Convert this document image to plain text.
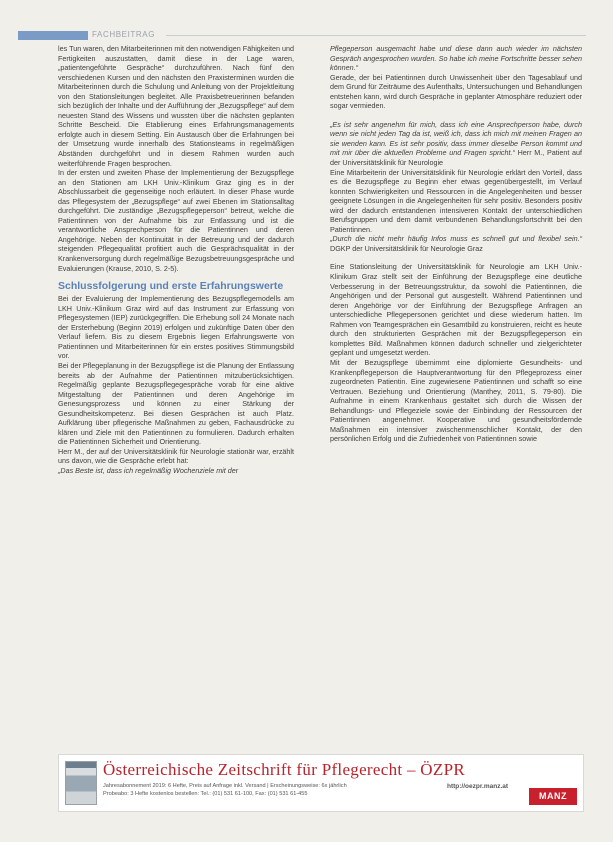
FACHBEITRAG

les Tun waren, den Mitarbeiterinnen mit den notwendigen Fähigkeiten und Fertigkeiten auszustatten, damit diese in der Lage waren, „patientengeführte Gespräche“ durchzuführen. Nach fünf den verschiedenen Kursen und den nächsten den Praxisterminen wurden die Mitarbeiterinnen durch die Schulung und Anleitung von der Projektleitung von den Stationsleitungen begleitet. Alle Praxisbetreuerinnen befanden sich bezüglich der Inhalte und der Aufführung der „Bezugspflege“ auf dem neuesten Stand des Wissens und wussten über die nächsten geplanten Schritte Bescheid. Die Etablierung eines Erfahrungsmanagements erfolgte auch in diesem Setting. Ein Austausch über die Erfahrungen bei der Umsetzung wurde innerhalb des Stationsteams in regelmäßigen Abständen durchgeführt und in diesem Rahmen wurden auch weiterführende Fragen besprochen.

In der ersten und zweiten Phase der Implementierung der Bezugspflege an den Stationen am LKH Univ.-Klinikum Graz ging es in der Abschlussarbeit die gegenseitige noch erläutert. In dieser Phase wurde das Pflegesystem der „Bezugspflege“ auf zwei Ebenen im Stationsalltag durchgeführt. Die zuständige „Bezugspflegeperson“ betreut, welche die Patientinnen von der Aufnahme bis zur Entlassung und ist die verantwortliche Ansprechperson für die Patientinnen und deren Angehörige. Neben der Kontinuität in der Betreuung und der dadurch steigenden Pflegequalität profitiert auch die Gesprächsqualität in der Krankenversorgung durch regelmäßige Bezugsbetreuungsgespräche und Evaluierungen (Krause, 2010, S. 2-5).

Schlussfolgerung und erste Erfahrungswerte

Bei der Evaluierung der Implementierung des Bezugspflegemodells am LKH Univ.-Klinikum Graz wird auf das Instrument zur Erfassung von Pflegesystemen (IEP) zurückgegriffen. Die Erhebung soll 24 Monate nach der Ersterhebung (Beginn 2019) erfolgen und zukünftige Daten über den Verlauf liefern. Bis zu diesem Ergebnis liegen Erfahrungswerte von Patientinnen und Mitarbeiterinnen für ein erstes positives Stimmungsbild vor.

Bei der Pflegeplanung in der Bezugspflege ist die Planung der Entlassung bereits ab der Aufnahme der Patientinnen mitzuberücksichtigen. Regelmäßig geplante Bezugspflegegespräche vorab für eine aktive Mitgestaltung der Patientinnen und deren Angehörige im Genesungsprozess und können zu einer Stärkung der Gesundheitskompetenz. Bei diesen Gesprächen ist auch Platz. Aufklärung über pflegerische Maßnahmen zu geben, Fachausdrücke zu klären und Ziele mit den Patientinnen zu formulieren. Dadurch erhalten die Patientinnen Sicherheit und Orientierung.

Herr M., der auf der Universitätsklinik für Neurologie stationär war, erzählt uns davon, wie die Gespräche erlebt hat:

„Das Beste ist, dass ich regelmäßig Wochenziele mit der

Pflegeperson ausgemacht habe und diese dann auch wieder im nächsten Gespräch angesprochen wurden. So habe ich meine Fortschritte besser sehen können.“

Gerade, der bei Patientinnen durch Unwissenheit über den Tagesablauf und dem Grund für Zeiträume des Aufenthalts, Untersuchungen und Behandlungen entstehen kann, wird durch Gespräche in geplanter Atmosphäre reduziert oder sogar vermieden.

„Es ist sehr angenehm für mich, dass ich eine Ansprechperson habe, durch wenn sie nicht jeden Tag da ist, weiß ich, dass ich mich mit meinen Fragen an sie wenden kann. Es ist sehr positiv, dass immer dieselbe Person kommt und mit mir über die aktuellen Probleme und Fragen spricht.“ Herr M., Patient auf der Universitätsklinik für Neurologie

Eine Mitarbeiterin der Universitätsklinik für Neurologie erklärt den Vorteil, dass es die Bezugspflege zu Beginn eher etwas gegenübergestellt, im Verlauf konnten Schwierigkeiten und Ressourcen in die Angelegenheiten und besser geeignete Lösungen in die Angelegenheiten für sehr positiv. Besonders positiv wird der dadurch entstandenen intensiveren Kontakt der unterschiedlichen Berufsgruppen und dem damit verbundenen Behandlungsfortschritt bei den Patientinnen.

„Durch die nicht mehr häufig Infos muss es schnell gut und flexibel sein.“ DGKP der Universitätsklinik für Neurologie Graz

Eine Stationsleitung der Universitätsklinik für Neurologie am LKH Univ.-Klinikum Graz stellt seit der Einführung der Bezugspflege eine deutliche Verbesserung in der Betreuungsstruktur, da sowohl die Patientinnen, die Angehörigen und der Personal gut ausgestellt. Während Patientinnen und deren Angehörige vor der Einführung der Bezugspflege Anfragen an unterschiedliche Pflegepersonen gerichtet und diese wiederum hatten. Im Rahmen von Teamgesprächen ein Gesamtbild zu konstruieren, reicht es heute durch den strukturierten Gesprächen mit der Bezugspflegeperson ein komplettes Bild. Maßnahmen können dadurch schneller und zielgerichteter geplant und umgesetzt werden.

Mit der Bezugspflege übernimmt eine diplomierte Gesundheits- und Krankenpflegeperson die Hauptverantwortung für den Pflegeprozess einer zugeordneten Patientin. Eine zugewiesene Patientinnen und schafft so eine Vertrauen. Beziehung und Orientierung (Manthey, 2011, S. 79-80). Die Aufnahme in einem Krankenhaus gestaltet sich durch die Wissen der Behandlungs- und Pflegeziele sowie der Einbindung der Ressourcen der Patientinnen angenehmer. Kooperative und gesundheitsfördernde Maßnahmen ein intensiver zwischenmenschlicher Kontakt, der den persönlichen Erfolg und die Zufriedenheit von Patientinnen sowie

Österreichische Zeitschrift für Pflegerecht – ÖZPR
Jahresabonnement 2019: 6 Hefte, Preis auf Anfrage inkl. Versand | Erscheinungsweise: 6x jährlich
Probeabo: 3 Hefte kostenlos bestellen: Tel.: (01) 531 61-100, Fax: (01) 531 61-455
http://oezpr.manz.at
MANZ
